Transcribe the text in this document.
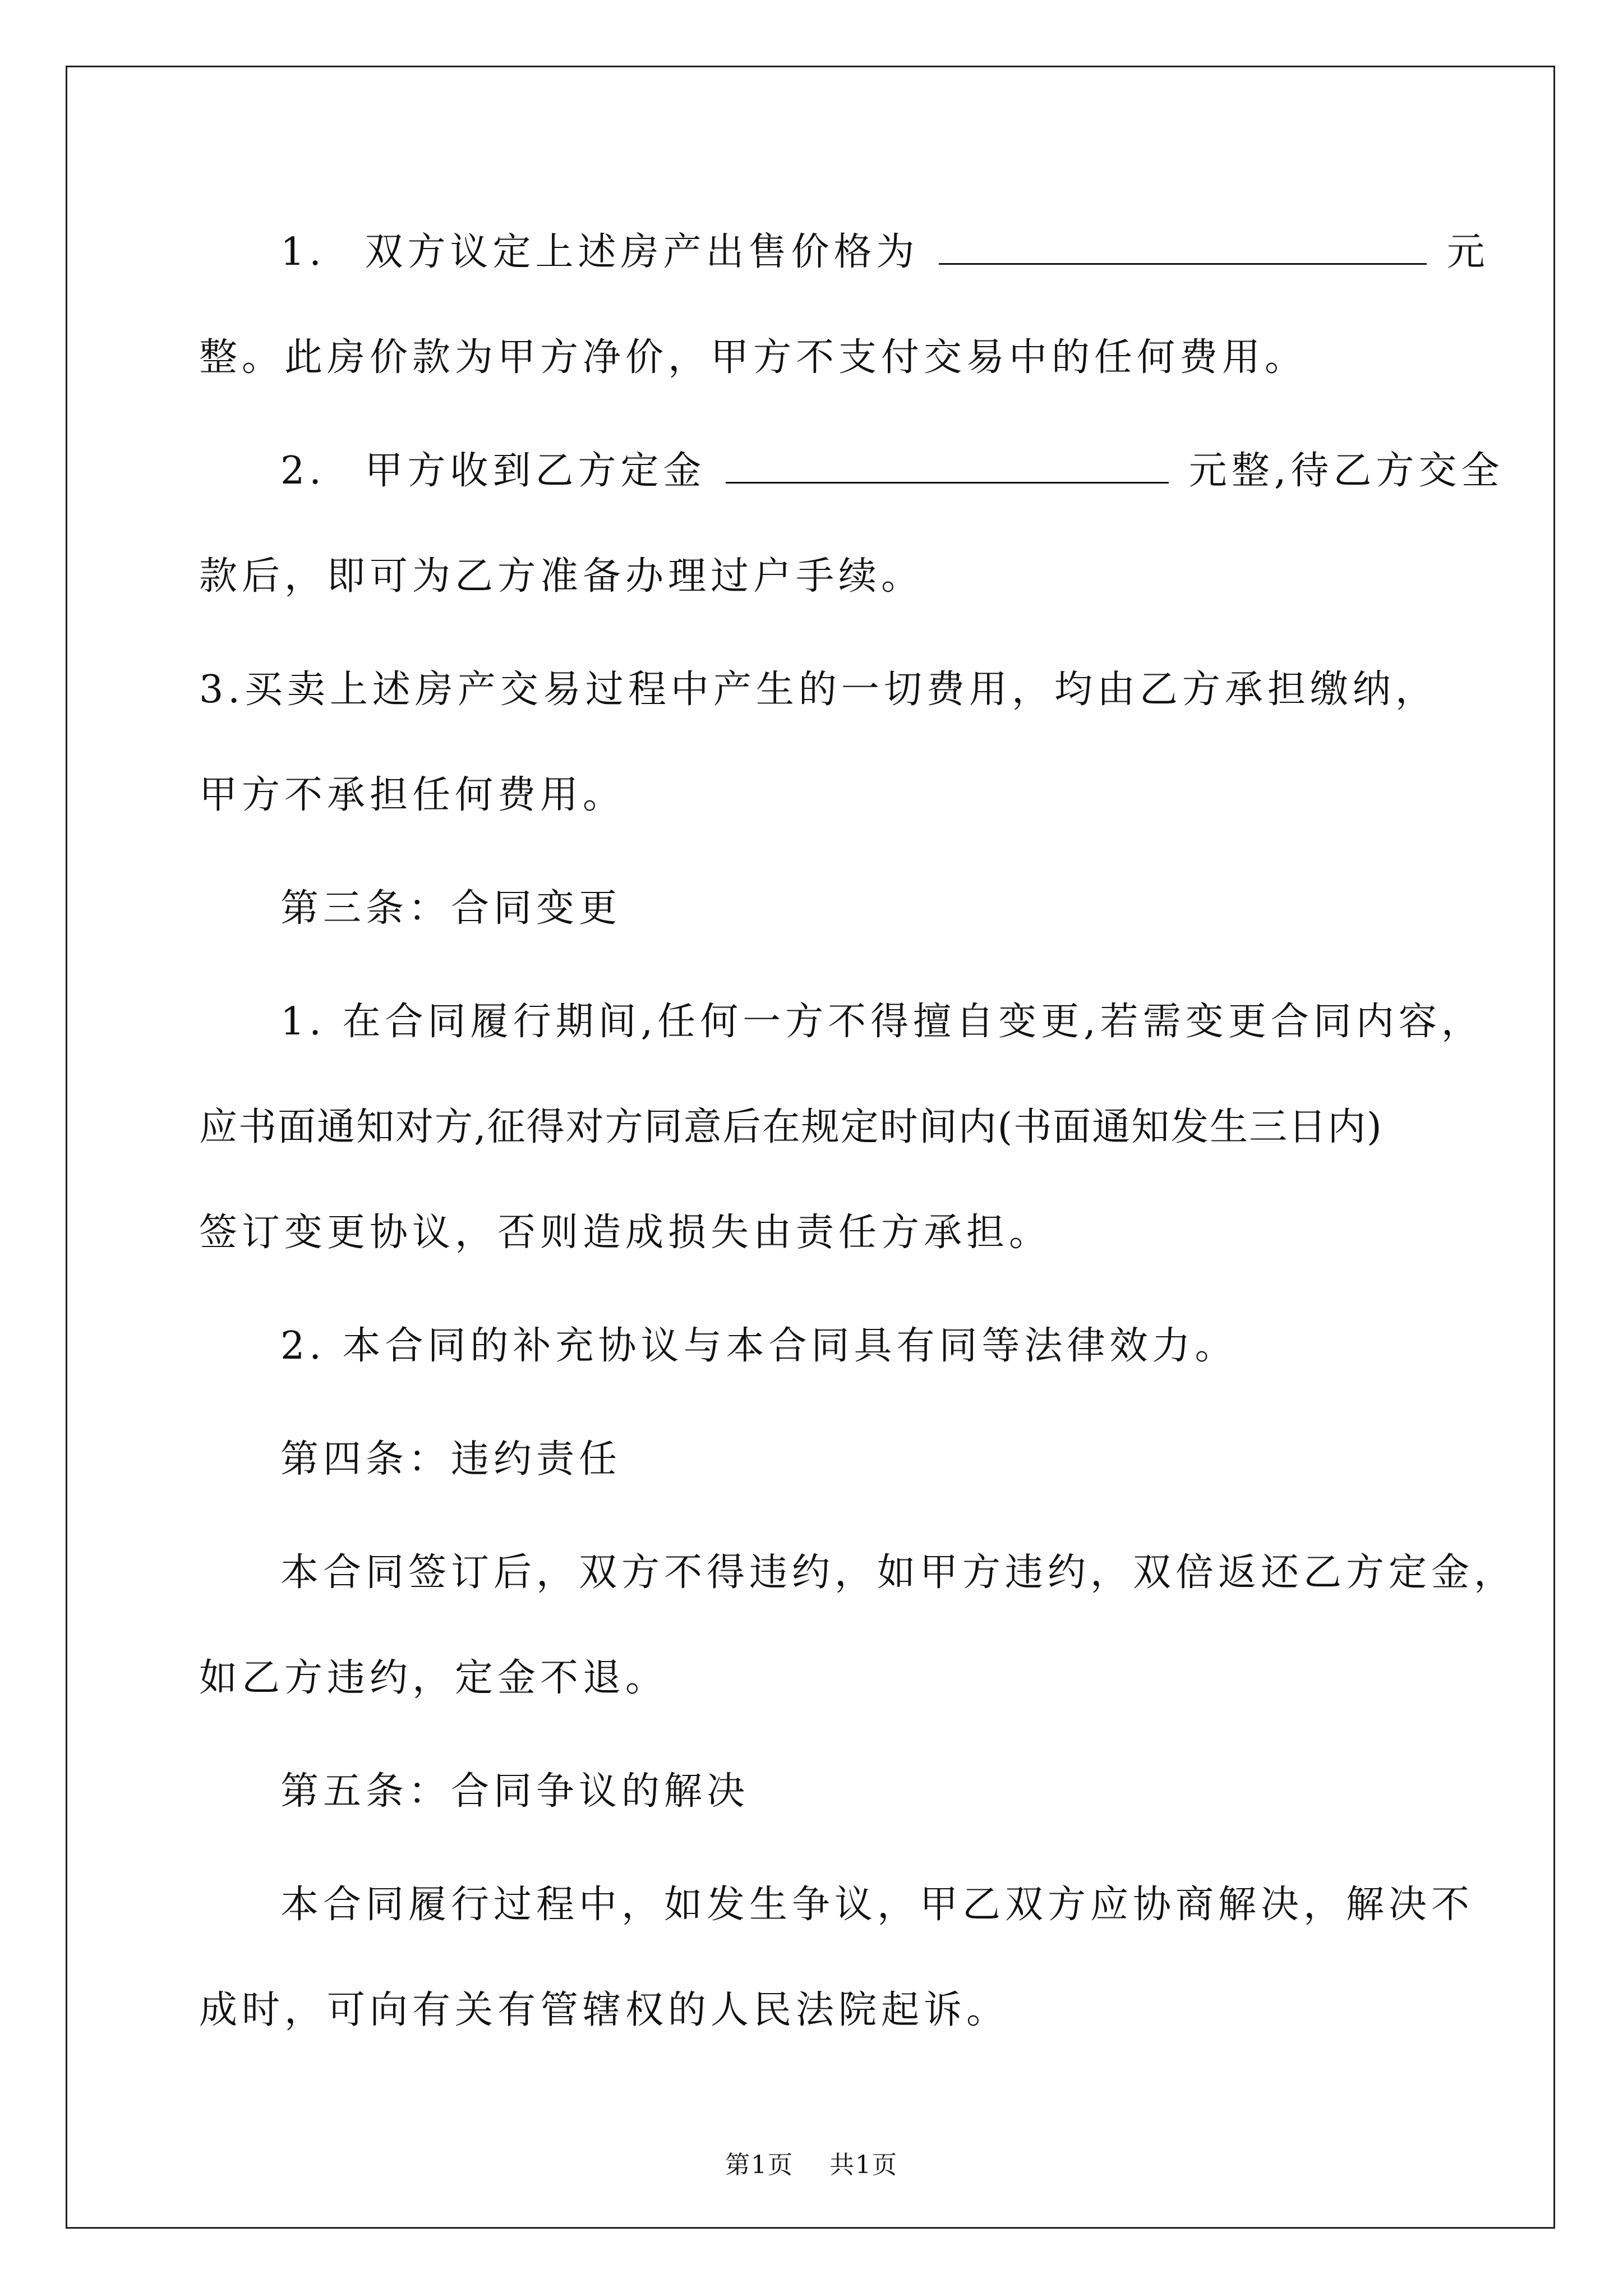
1. 双方议定上述房产出售价格为	元
整。此房价款为甲方净价，甲方不支付交易中的任何费用。
2. 甲方收到乙方定金	元整,待乙方交全
款后，即可为乙方准备办理过户手续。
3.买卖上述房产交易过程中产生的一切费用，均由乙方承担缴纳，
甲方不承担任何费用。
第三条：合同变更
1. 在合同履行期间,任何一方不得擅自变更,若需变更合同内容，
应书面通知对方,征得对方同意后在规定时间内(书面通知发生三日内)
签订变更协议，否则造成损失由责任方承担。
2. 本合同的补充协议与本合同具有同等法律效力。
第四条：违约责任
本合同签订后，双方不得违约，如甲方违约，双倍返还乙方定金，
如乙方违约，定金不退。
第五条：合同争议的解决
本合同履行过程中，如发生争议，甲乙双方应协商解决，解决不
成时，可向有关有管辖权的人民法院起诉。
第1页 共1页
